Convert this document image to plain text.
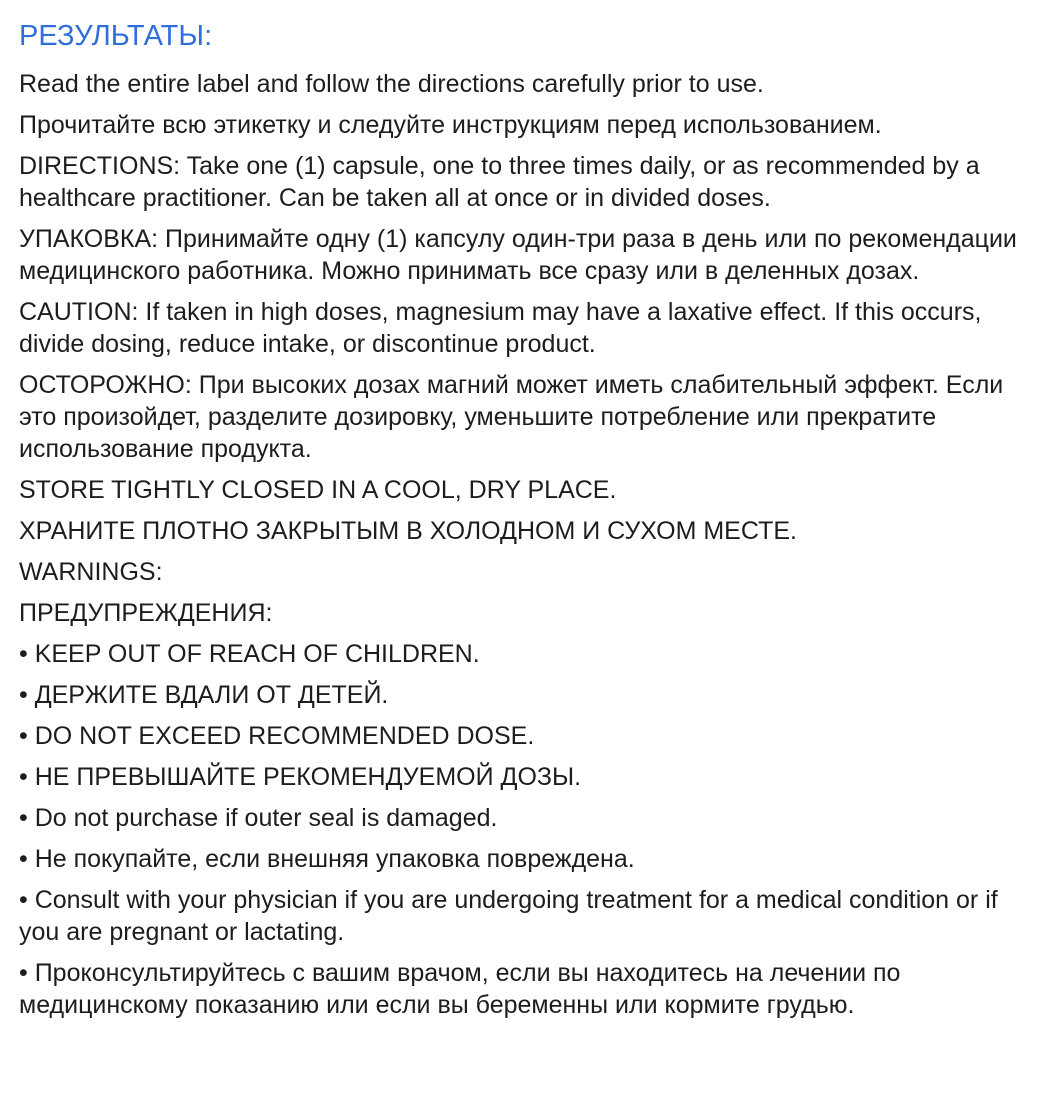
РЕЗУЛЬТАТЫ:

Read the entire label and follow the directions carefully prior to use.

Прочитайте всю этикетку и следуйте инструкциям перед использованием.

DIRECTIONS: Take one (1) capsule, one to three times daily, or as recommended by a healthcare practitioner. Can be taken all at once or in divided doses.

УПАКОВКА: Принимайте одну (1) капсулу один-три раза в день или по рекомендации медицинского работника. Можно принимать все сразу или в деленных дозах.

CAUTION: If taken in high doses, magnesium may have a laxative effect. If this occurs, divide dosing, reduce intake, or discontinue product.

ОСТОРОЖНО: При высоких дозах магний может иметь слабительный эффект. Если это произойдет, разделите дозировку, уменьшите потребление или прекратите использование продукта.

STORE TIGHTLY CLOSED IN A COOL, DRY PLACE.

ХРАНИТЕ ПЛОТНО ЗАКРЫТЫМ В ХОЛОДНОМ И СУХОМ МЕСТЕ.

WARNINGS:

ПРЕДУПРЕЖДЕНИЯ:

• KEEP OUT OF REACH OF CHILDREN.

• ДЕРЖИТЕ ВДАЛИ ОТ ДЕТЕЙ.

• DO NOT EXCEED RECOMMENDED DOSE.

• НЕ ПРЕВЫШАЙТЕ РЕКОМЕНДУЕМОЙ ДОЗЫ.

• Do not purchase if outer seal is damaged.

• Не покупайте, если внешняя упаковка повреждена.

• Consult with your physician if you are undergoing treatment for a medical condition or if you are pregnant or lactating.

• Проконсультируйтесь с вашим врачом, если вы находитесь на лечении по медицинскому показанию или если вы беременны или кормите грудью.
